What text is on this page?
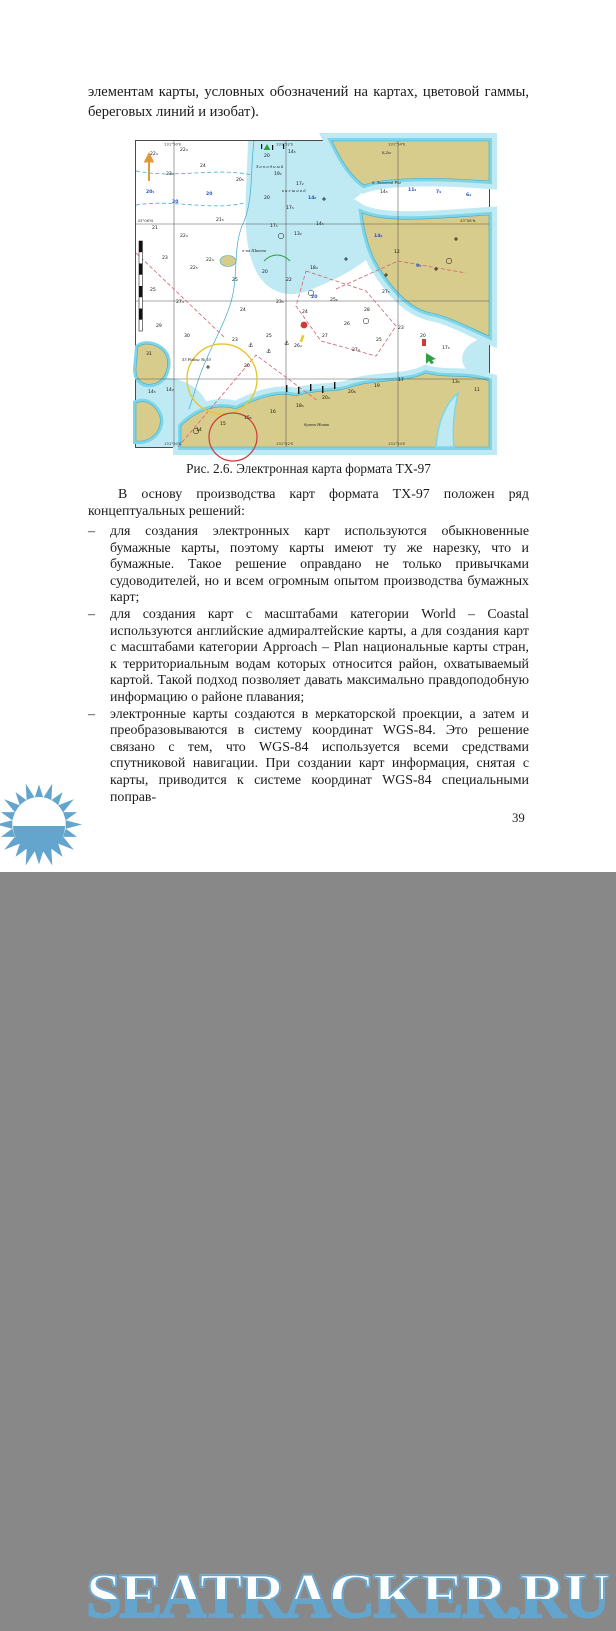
элементам карты, условных обозначений на картах, цветовой гаммы, береговых линий и изобат).
⚓
⚓
⚓
22₄
22₄
23₄
24
20₄
20
20
21
22₄
23
22₅
25
27₄
29
30
31
14₂
14₅
20
14₅
19₂
17₂
20
17₅
14₆
17₅
13₂
14₅
20
22
18₄
23₅
24
25₆
20
25
26₄
27
26
28
27₅
27₄
25
23
20
17₅
14₅	11₅	7₉
6₂
14₈
12
9₅
13₅
11
25
24
23
20
22₄
21₅
20₅
14
15
15₅
16
18₅
20₄
20₆
19
17
б. Золотой Рог
о-ов Шкота
53 Район № 10
бухта Новик
6,2м
З а п а д н ы й
в н е ш н и й
131°50'E	131°52'E	131°54'E
131°50'E	131°52'E	131°54'E
43°06'N	43°06'N
Рис. 2.6. Электронная карта формата ТХ-97
В основу производства карт формата ТХ-97 положен ряд концептуальных решений:
– для создания электронных карт используются обыкновенные бумажные карты, поэтому карты имеют ту же нарезку, что и бумажные. Такое решение оправдано не только привычками судоводителей, но и всем огромным опытом производства бумажных карт;
– для создания карт с масштабами категории World – Coastal используются английские адмиралтейские карты, а для создания карт с масштабами категории Approach – Plan национальные карты стран, к территориальным водам которых относится район, охватываемый картой. Такой подход позволяет давать максимально правдоподобную информацию о районе плавания;
– электронные карты создаются в меркаторской проекции, а затем и преобразовываются в систему координат WGS-84. Это решение связано с тем, что WGS-84 используется всеми средствами спутниковой навигации. При создании карт информация, снятая с карты, приводится к системе координат WGS-84 специальными поправ-
SEATRACKER.RU
39
